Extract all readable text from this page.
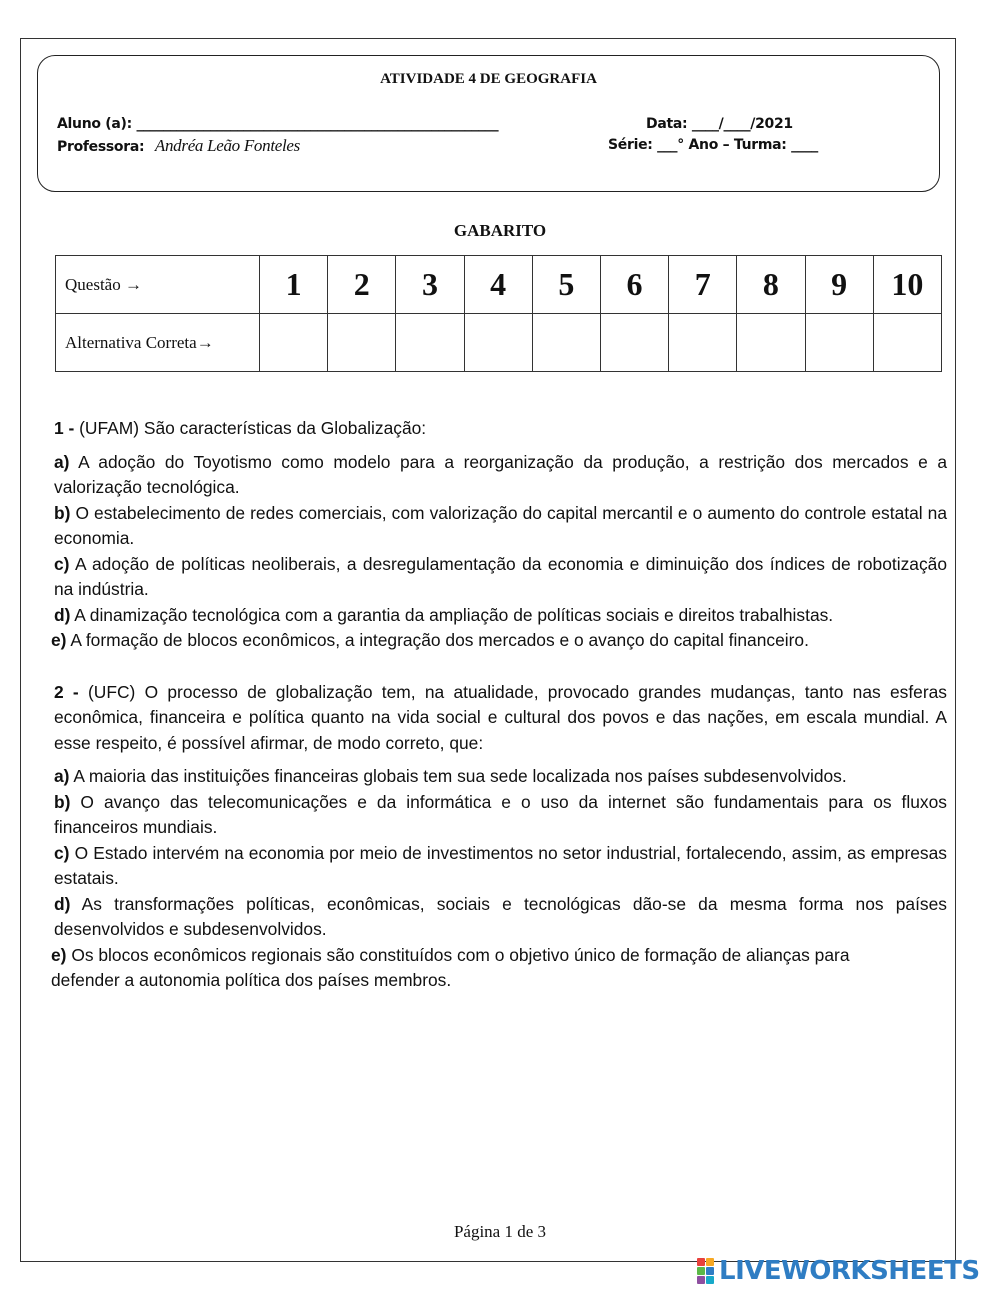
ATIVIDADE 4 DE GEOGRAFIA
Aluno (a): ______________________________________________________	Data: ____/____/2021
Professora: Andréa Leão Fonteles	Série: ___° Ano – Turma: ____
GABARITO
Questão →	1	2	3	4	5	6	7	8	9	10
Alternativa Correta→										

1 - (UFAM) São características da Globalização:

a) A adoção do Toyotismo como modelo para a reorganização da produção, a restrição dos mercados e a valorização tecnológica.

b) O estabelecimento de redes comerciais, com valorização do capital mercantil e o aumento do controle estatal na economia.

c) A adoção de políticas neoliberais, a desregulamentação da economia e diminuição dos índices de robotização na indústria.

d) A dinamização tecnológica com a garantia da ampliação de políticas sociais e direitos trabalhistas.

e) A formação de blocos econômicos, a integração dos mercados e o avanço do capital financeiro.

2 - (UFC) O processo de globalização tem, na atualidade, provocado grandes mudanças, tanto nas esferas econômica, financeira e política quanto na vida social e cultural dos povos e das nações, em escala mundial. A esse respeito, é possível afirmar, de modo correto, que:

a) A maioria das instituições financeiras globais tem sua sede localizada nos países subdesenvolvidos.

b) O avanço das telecomunicações e da informática e o uso da internet são fundamentais para os fluxos financeiros mundiais.

c) O Estado intervém na economia por meio de investimentos no setor industrial, fortalecendo, assim, as empresas estatais.

d) As transformações políticas, econômicas, sociais e tecnológicas dão-se da mesma forma nos países desenvolvidos e subdesenvolvidos.

e) Os blocos econômicos regionais são constituídos com o objetivo único de formação de alianças para defender a autonomia política dos países membros.

Página 1 de 3
LIVEWORKSHEETS
